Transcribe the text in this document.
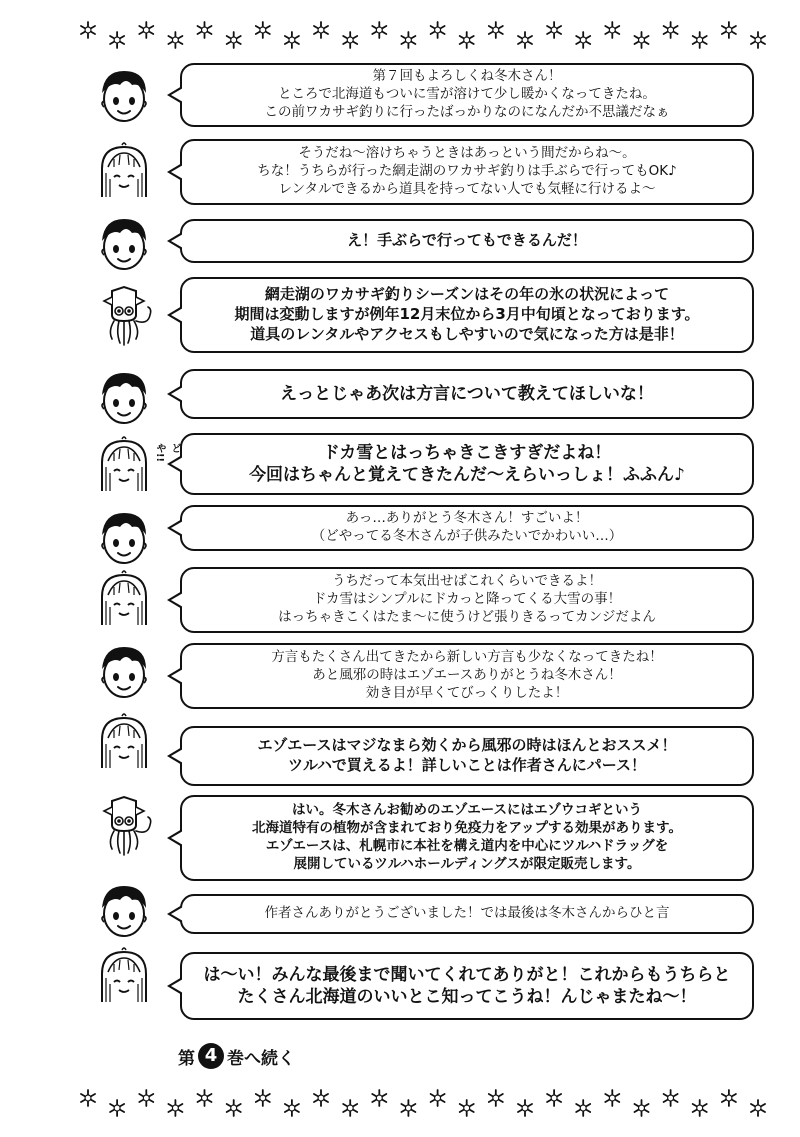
第７回もよろしくね冬木さん！
ところで北海道もついに雪が溶けて少し暖かくなってきたね。
この前ワカサギ釣りに行ったばっかりなのになんだか不思議だなぁ
そうだね〜溶けちゃうときはあっという間だからね〜。
ちな！うちらが行った網走湖のワカサギ釣りは手ぶらで行ってもOK♪
レンタルできるから道具を持ってない人でも気軽に行けるよ〜
え！手ぶらで行ってもできるんだ！
網走湖のワカサギ釣りシーズンはその年の氷の状況によって
期間は変動しますが例年12月末位から3月中旬頃となっております。
道具のレンタルやアクセスもしやすいので気になった方は是非！
えっとじゃあ次は方言について教えてほしいな！
どや!!	ドカ雪とはっちゃきこきすぎだよね！
今回はちゃんと覚えてきたんだ〜えらいっしょ！ふふん♪
あっ…ありがとう冬木さん！すごいよ！
（どやってる冬木さんが子供みたいでかわいい…）
うちだって本気出せばこれくらいできるよ！
ドカ雪はシンプルにドカっと降ってくる大雪の事！
はっちゃきこくはたま〜に使うけど張りきるってカンジだよん
方言もたくさん出てきたから新しい方言も少なくなってきたね！
あと風邪の時はエゾエースありがとうね冬木さん！
効き目が早くてびっくりしたよ！
エゾエースはマジなまら効くから風邪の時はほんとおススメ！
ツルハで買えるよ！詳しいことは作者さんにパース！
はい。冬木さんお勧めのエゾエースにはエゾウコギという
北海道特有の植物が含まれており免疫力をアップする効果があります。
エゾエースは、札幌市に本社を構え道内を中心にツルハドラッグを
展開しているツルハホールディングスが限定販売します。
作者さんありがとうございました！では最後は冬木さんからひと言
は〜い！みんな最後まで聞いてくれてありがと！これからもうちらと
たくさん北海道のいいとこ知ってこうね！んじゃまたね〜！
第 4 巻へ続く
